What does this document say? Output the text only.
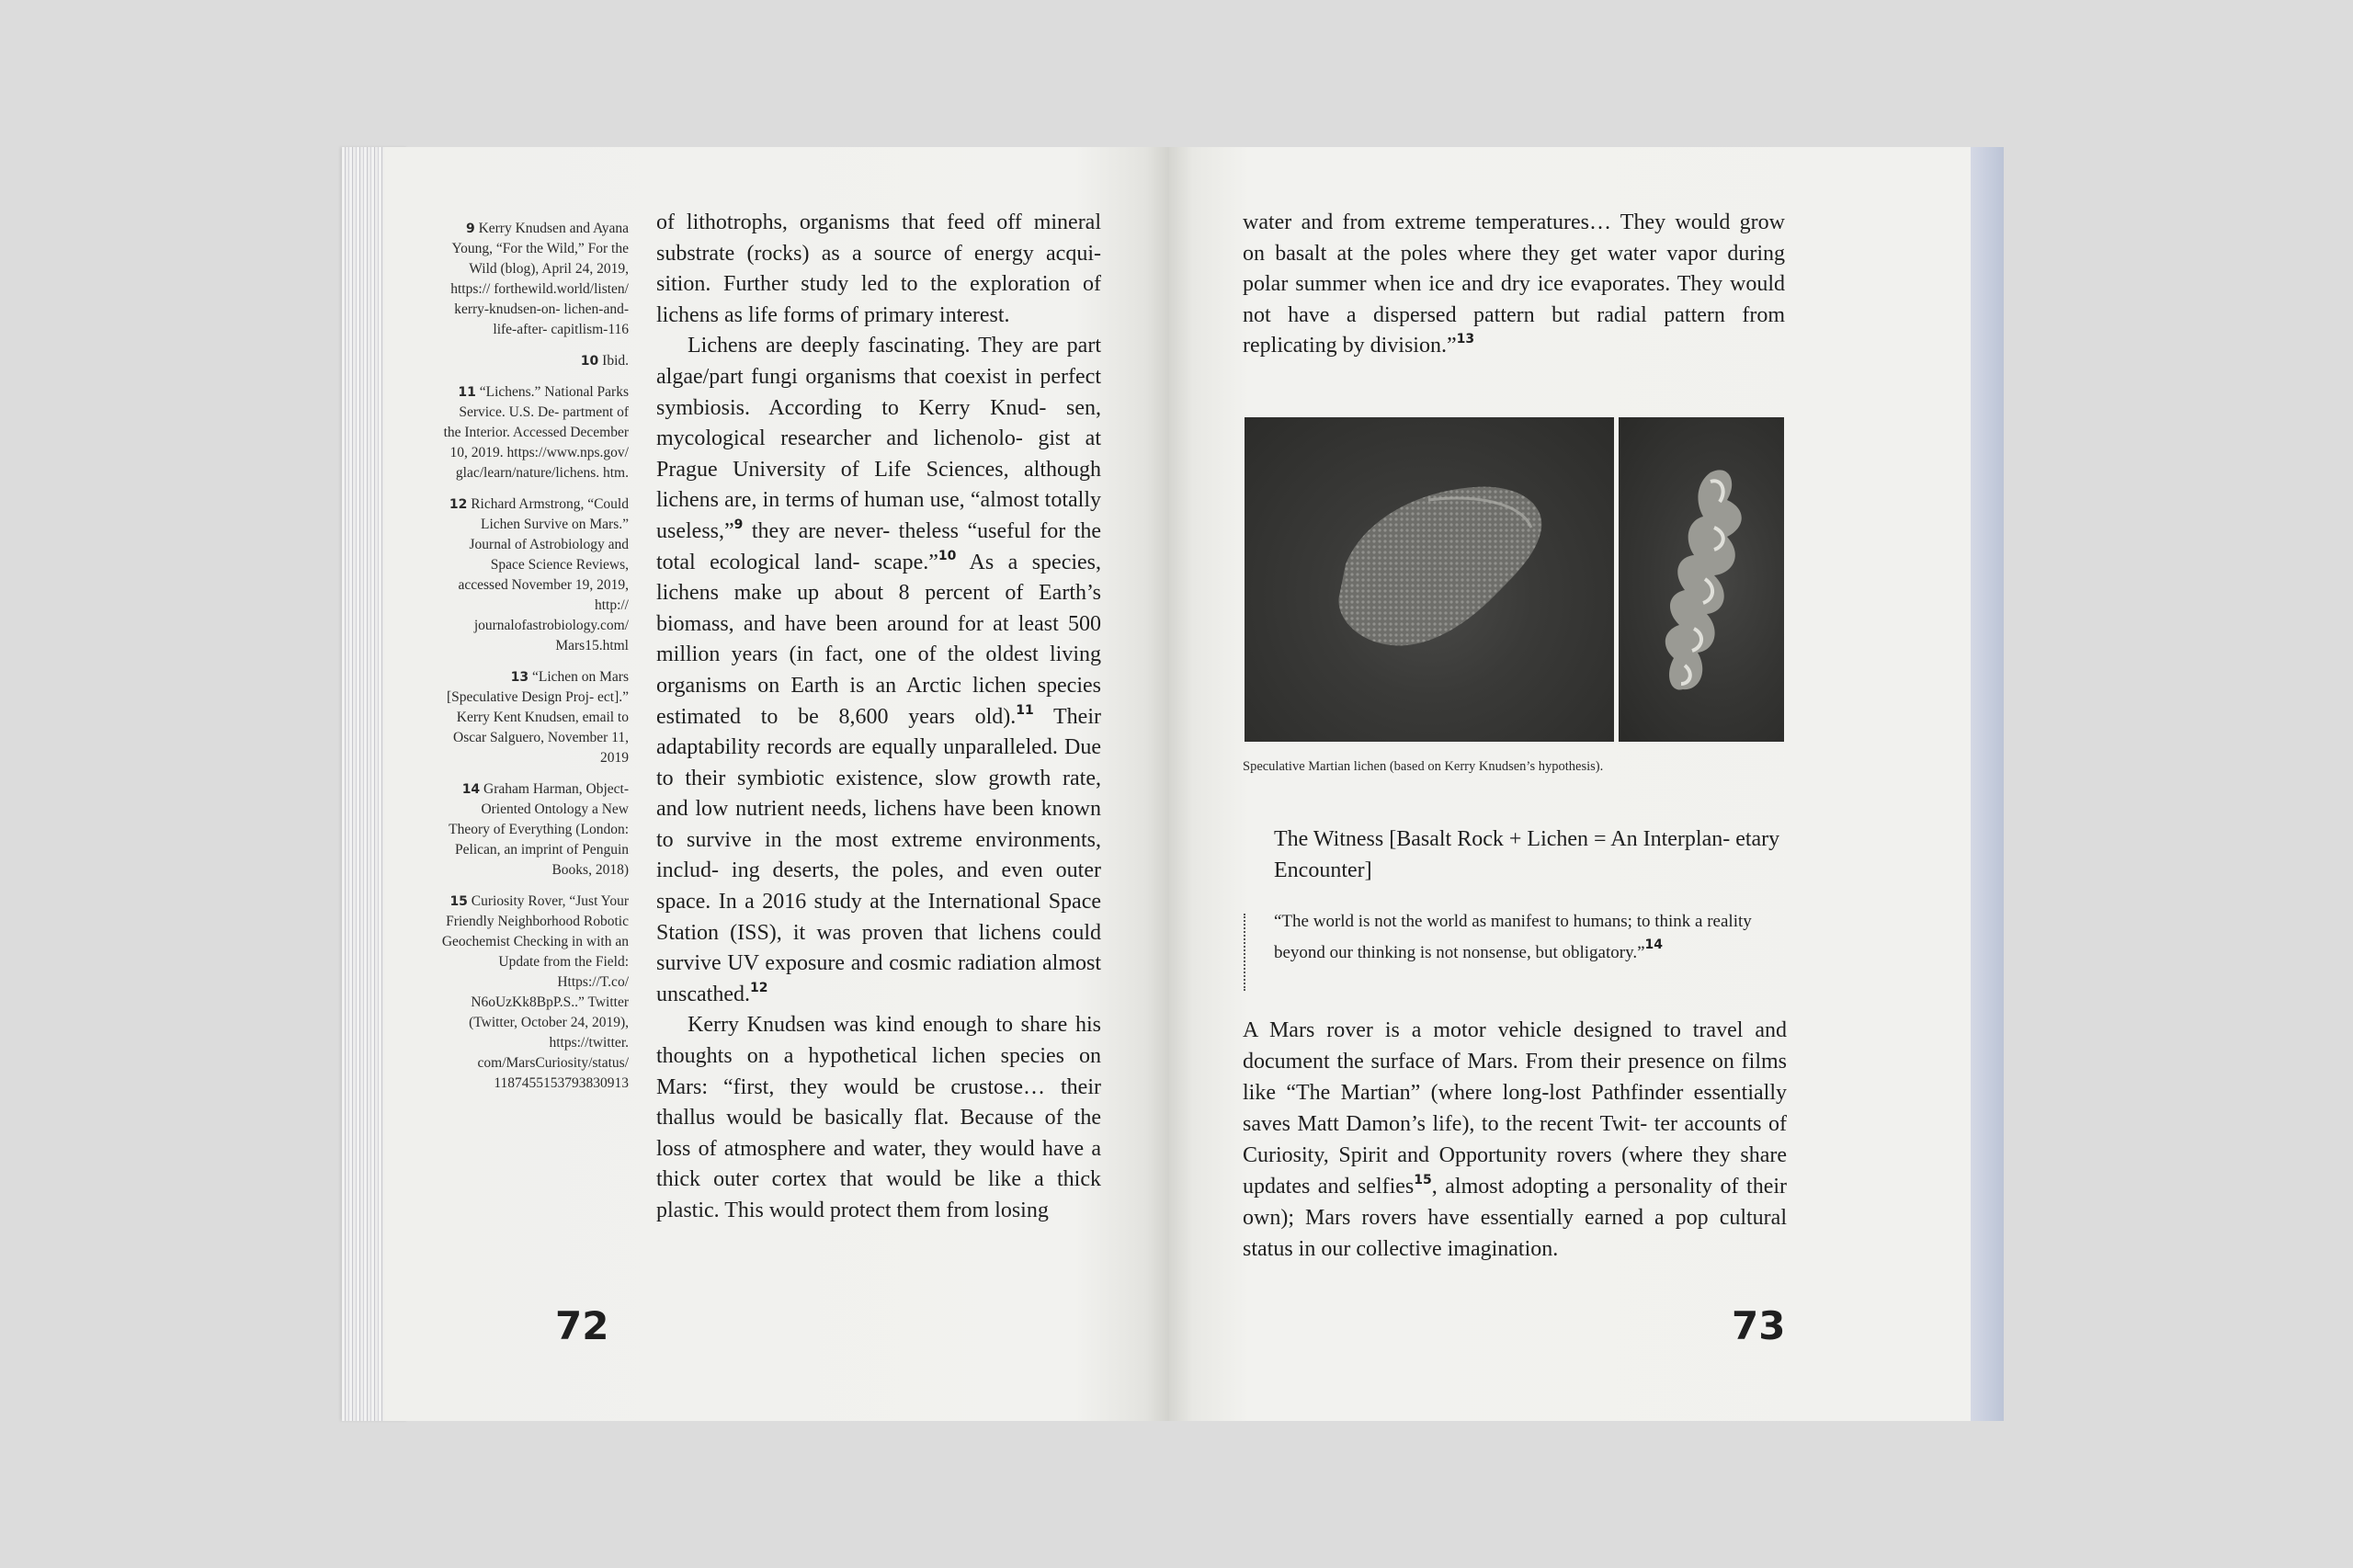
9 Kerry Knudsen and Ayana Young, “For the Wild,” For the Wild (blog), April 24, 2019, https:// forthewild.world/listen/ kerry-knudsen-on- lichen-and-life-after- capitlism-116
10 Ibid.
11 “Lichens.” National Parks Service. U.S. De- partment of the Interior. Accessed December 10, 2019. https://www.nps.gov/ glac/learn/nature/lichens. htm.
12 Richard Armstrong, “Could Lichen Survive on Mars.” Journal of Astrobiology and Space Science Reviews, accessed November 19, 2019, http:// journalofastrobiology.com/ Mars15.html
13 “Lichen on Mars [Speculative Design Proj- ect].” Kerry Kent Knudsen, email to Oscar Salguero, November 11, 2019
14 Graham Harman, Object-Oriented Ontology a New Theory of Everything (London: Pelican, an imprint of Penguin Books, 2018)
15 Curiosity Rover, “Just Your Friendly Neighborhood Robotic Geochemist Checking in with an Update from the Field: Https://T.co/ N6oUzKk8BpP.S..” Twitter (Twitter, October 24, 2019), https://twitter. com/MarsCuriosity/status/ 1187455153793830913

of lithotrophs, organisms that feed off mineral substrate (rocks) as a source of energy acqui- sition. Further study led to the exploration of lichens as life forms of primary interest.

Lichens are deeply fascinating. They are part algae/part fungi organisms that coexist in perfect symbiosis. According to Kerry Knud- sen, mycological researcher and lichenolo- gist at Prague University of Life Sciences, although lichens are, in terms of human use, “almost totally useless,”$^9$ they are never- theless “useful for the total ecological land- scape.”$^{10}$ As a species, lichens make up about 8 percent of Earth’s biomass, and have been around for at least 500 million years (in fact, one of the oldest living organisms on Earth is an Arctic lichen species estimated to be 8,600 years old).$^{11}$ Their adaptability records are equally unparalleled. Due to their symbiotic existence, slow growth rate, and low nutrient needs, lichens have been known to survive in the most extreme environments, includ- ing deserts, the poles, and even outer space. In a 2016 study at the International Space Station (ISS), it was proven that lichens could survive UV exposure and cosmic radiation almost unscathed.$^{12}$

Kerry Knudsen was kind enough to share his thoughts on a hypothetical lichen species on Mars: “first, they would be crustose… their thallus would be basically flat. Because of the loss of atmosphere and water, they would have a thick outer cortex that would be like a thick plastic. This would protect them from losing

72

water and from extreme temperatures… They would grow on basalt at the poles where they get water vapor during polar summer when ice and dry ice evaporates. They would not have a dispersed pattern but radial pattern from replicating by division.”$^{13}$

Speculative Martian lichen (based on Kerry Knudsen’s hypothesis).
The Witness [Basalt Rock + Lichen = An Interplan- etary Encounter]
“The world is not the world as manifest to humans; to think a reality beyond our thinking is not nonsense, but obligatory.”$^{14}$
A Mars rover is a motor vehicle designed to travel and document the surface of Mars. From their presence on films like “The Martian” (where long-lost Pathfinder essentially saves Matt Damon’s life), to the recent Twit- ter accounts of Curiosity, Spirit and Opportunity rovers (where they share updates and selfies$^{15}$, almost adopting a personality of their own); Mars rovers have essentially earned a pop cultural status in our collective imagination.
73
